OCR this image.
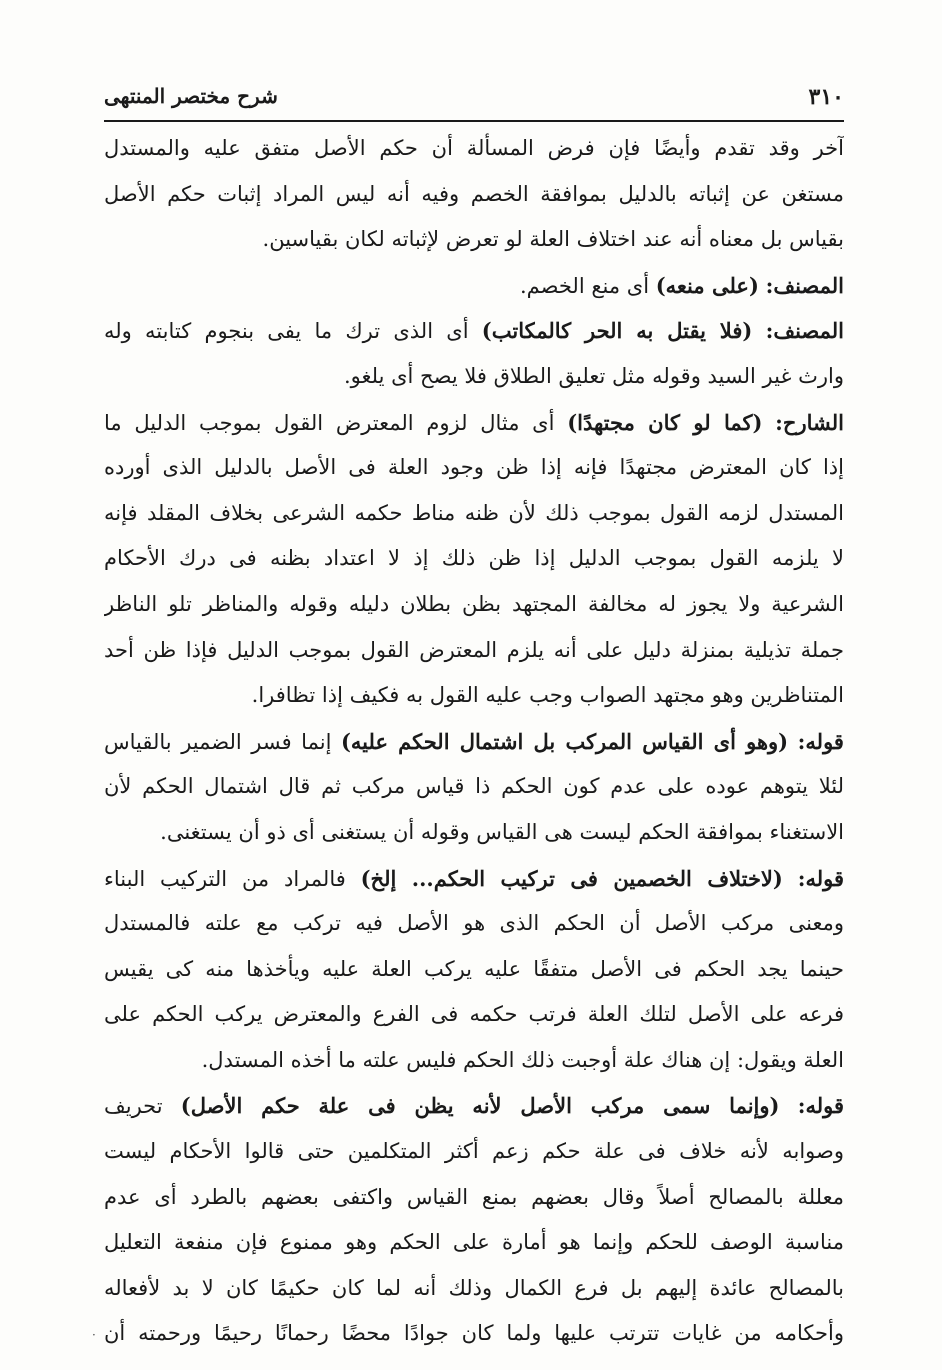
٣١٠
شرح مختصر المنتهى
آخر وقد تقدم وأيضًا فإن فرض المسألة أن حكم الأصل متفق عليه والمستدل
مستغن عن إثباته بالدليل بموافقة الخصم وفيه أنه ليس المراد إثبات حكم الأصل
بقياس بل معناه أنه عند اختلاف العلة لو تعرض لإثباته لكان بقياسين.
المصنف: (على منعه) أى منع الخصم.
المصنف: (فلا يقتل به الحر كالمكاتب) أى الذى ترك ما يفى بنجوم كتابته وله
وارث غير السيد وقوله مثل تعليق الطلاق فلا يصح أى يلغو.
الشارح: (كما لو كان مجتهدًا) أى مثال لزوم المعترض القول بموجب الدليل ما
إذا كان المعترض مجتهدًا فإنه إذا ظن وجود العلة فى الأصل بالدليل الذى أورده
المستدل لزمه القول بموجب ذلك لأن ظنه مناط حكمه الشرعى بخلاف المقلد فإنه
لا يلزمه القول بموجب الدليل إذا ظن ذلك إذ لا اعتداد بظنه فى درك الأحكام
الشرعية ولا يجوز له مخالفة المجتهد بظن بطلان دليله وقوله والمناظر تلو الناظر
جملة تذيلية بمنزلة دليل على أنه يلزم المعترض القول بموجب الدليل فإذا ظن أحد
المتناظرين وهو مجتهد الصواب وجب عليه القول به فكيف إذا تظافرا.
قوله: (وهو أى القياس المركب بل اشتمال الحكم عليه) إنما فسر الضمير بالقياس
لئلا يتوهم عوده على عدم كون الحكم ذا قياس مركب ثم قال اشتمال الحكم لأن
الاستغناء بموافقة الحكم ليست هى القياس وقوله أن يستغنى أى ذو أن يستغنى.
قوله: (لاختلاف الخصمين فى تركيب الحكم... إلخ) فالمراد من التركيب البناء
ومعنى مركب الأصل أن الحكم الذى هو الأصل فيه تركب مع علته فالمستدل
حينما يجد الحكم فى الأصل متفقًا عليه يركب العلة عليه ويأخذها منه كى يقيس
فرعه على الأصل لتلك العلة فرتب حكمه فى الفرع والمعترض يركب الحكم على
العلة ويقول: إن هناك علة أوجبت ذلك الحكم فليس علته ما أخذه المستدل.
قوله: (وإنما سمى مركب الأصل لأنه يظن فى علة حكم الأصل) تحريف
وصوابه لأنه خلاف فى علة حكم زعم أكثر المتكلمين حتى قالوا الأحكام ليست
معللة بالمصالح أصلاً وقال بعضهم بمنع القياس واكتفى بعضهم بالطرد أى عدم
مناسبة الوصف للحكم وإنما هو أمارة على الحكم وهو ممنوع فإن منفعة التعليل
بالمصالح عائدة إليهم بل فرع الكمال وذلك أنه لما كان حكيمًا كان لا بد لأفعاله
وأحكامه من غايات تترتب عليها ولما كان جوادًا محضًا رحمانًا رحيمًا ورحمته أن
·
